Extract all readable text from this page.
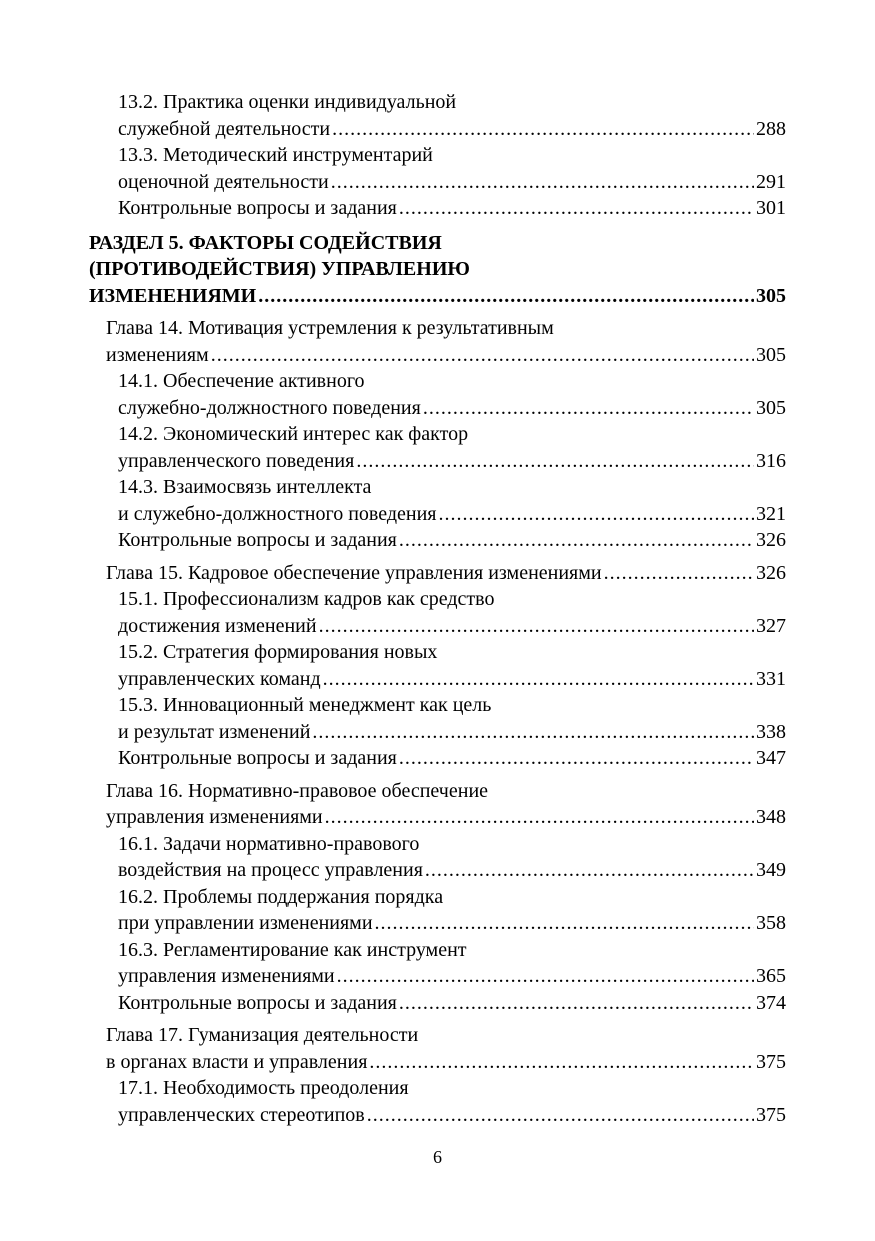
13.2. Практика оценки индивидуальной
служебной деятельности .....	288
13.3. Методический инструментарий
оценочной деятельности .....	291
Контрольные вопросы и задания .....	301
РАЗДЕЛ 5. ФАКТОРЫ СОДЕЙСТВИЯ
(ПРОТИВОДЕЙСТВИЯ) УПРАВЛЕНИЮ
ИЗМЕНЕНИЯМИ .....	305
Глава 14. Мотивация устремления к результативным
изменениям .....	305
14.1. Обеспечение активного
служебно-должностного поведения .....	305
14.2. Экономический интерес как фактор
управленческого поведения .....	316
14.3. Взаимосвязь интеллекта
и служебно-должностного поведения .....	321
Контрольные вопросы и задания .....	326
Глава 15. Кадровое обеспечение управления изменениями .....	326
15.1. Профессионализм кадров как средство
достижения изменений .....	327
15.2. Стратегия формирования новых
управленческих команд .....	331
15.3. Инновационный менеджмент как цель
и результат изменений .....	338
Контрольные вопросы и задания .....	347
Глава 16. Нормативно-правовое обеспечение
управления изменениями .....	348
16.1. Задачи нормативно-правового
воздействия на процесс управления .....	349
16.2. Проблемы поддержания порядка
при управлении изменениями .....	358
16.3. Регламентирование как инструмент
управления изменениями .....	365
Контрольные вопросы и задания .....	374
Глава 17. Гуманизация деятельности
в органах власти и управления .....	375
17.1. Необходимость преодоления
управленческих стереотипов .....	375
6
